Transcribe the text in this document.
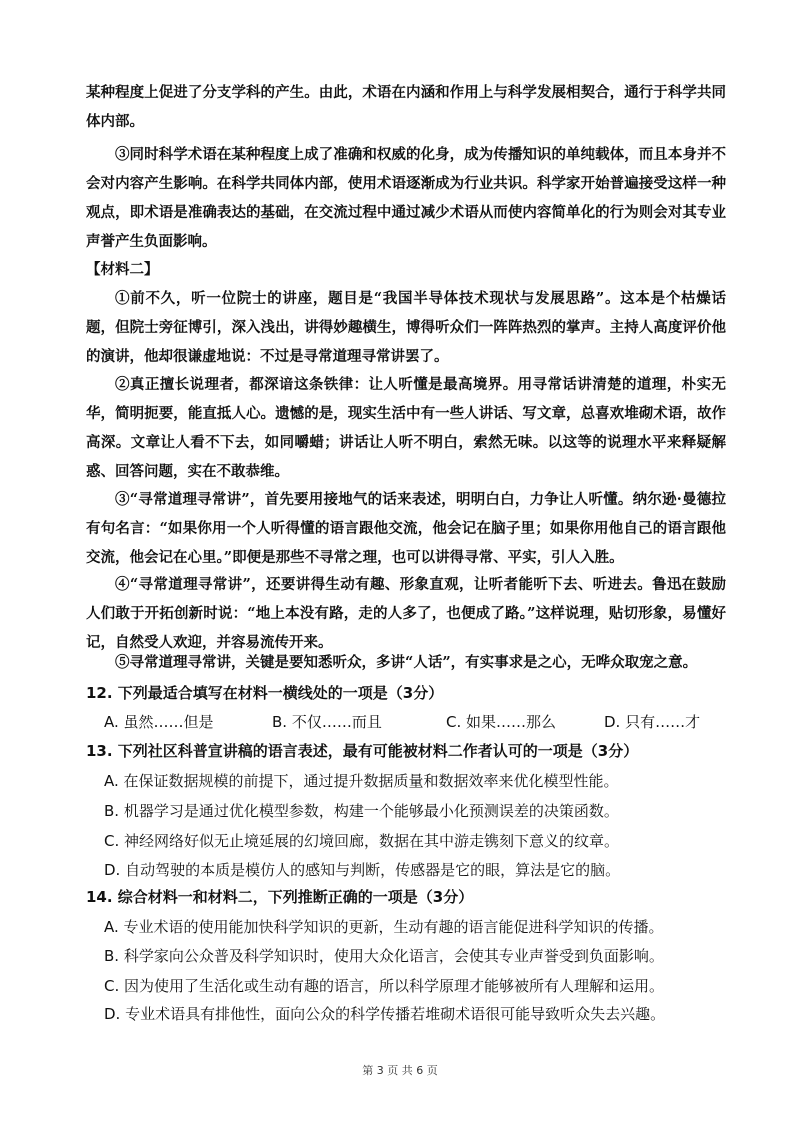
某种程度上促进了分支学科的产生。由此，术语在内涵和作用上与科学发展相契合，通行于科学共同体内部。

③同时科学术语在某种程度上成了准确和权威的化身，成为传播知识的单纯载体，而且本身并不会对内容产生影响。在科学共同体内部，使用术语逐渐成为行业共识。科学家开始普遍接受这样一种观点，即术语是准确表达的基础，在交流过程中通过减少术语从而使内容简单化的行为则会对其专业声誉产生负面影响。

【材料二】

①前不久，听一位院士的讲座，题目是“我国半导体技术现状与发展思路”。这本是个枯燥话题，但院士旁征博引，深入浅出，讲得妙趣横生，博得听众们一阵阵热烈的掌声。主持人高度评价他的演讲，他却很谦虚地说：不过是寻常道理寻常讲罢了。

②真正擅长说理者，都深谙这条铁律：让人听懂是最高境界。用寻常话讲清楚的道理，朴实无华，简明扼要，能直抵人心。遗憾的是，现实生活中有一些人讲话、写文章，总喜欢堆砌术语，故作高深。文章让人看不下去，如同嚼蜡；讲话让人听不明白，索然无味。以这等的说理水平来释疑解惑、回答问题，实在不敢恭维。

③“寻常道理寻常讲”，首先要用接地气的话来表述，明明白白，力争让人听懂。纳尔逊·曼德拉有句名言：“如果你用一个人听得懂的语言跟他交流，他会记在脑子里；如果你用他自己的语言跟他交流，他会记在心里。”即便是那些不寻常之理，也可以讲得寻常、平实，引人入胜。

④“寻常道理寻常讲”，还要讲得生动有趣、形象直观，让听者能听下去、听进去。鲁迅在鼓励人们敢于开拓创新时说：“地上本没有路，走的人多了，也便成了路。”这样说理，贴切形象，易懂好记，自然受人欢迎，并容易流传开来。

⑤寻常道理寻常讲，关键是要知悉听众，多讲“人话”，有实事求是之心，无哗众取宠之意。

12. 下列最适合填写在材料一横线处的一项是（3分）
A. 虽然……但是	B. 不仅……而且	C. 如果……那么	D. 只有……才
13. 下列社区科普宣讲稿的语言表述，最有可能被材料二作者认可的一项是（3分）
A. 在保证数据规模的前提下，通过提升数据质量和数据效率来优化模型性能。
B. 机器学习是通过优化模型参数，构建一个能够最小化预测误差的决策函数。
C. 神经网络好似无止境延展的幻境回廊，数据在其中游走镌刻下意义的纹章。
D. 自动驾驶的本质是模仿人的感知与判断，传感器是它的眼，算法是它的脑。
14. 综合材料一和材料二，下列推断正确的一项是（3分）
A. 专业术语的使用能加快科学知识的更新，生动有趣的语言能促进科学知识的传播。
B. 科学家向公众普及科学知识时，使用大众化语言，会使其专业声誉受到负面影响。
C. 因为使用了生活化或生动有趣的语言，所以科学原理才能够被所有人理解和运用。
D. 专业术语具有排他性，面向公众的科学传播若堆砌术语很可能导致听众失去兴趣。
第 3 页 共 6 页
